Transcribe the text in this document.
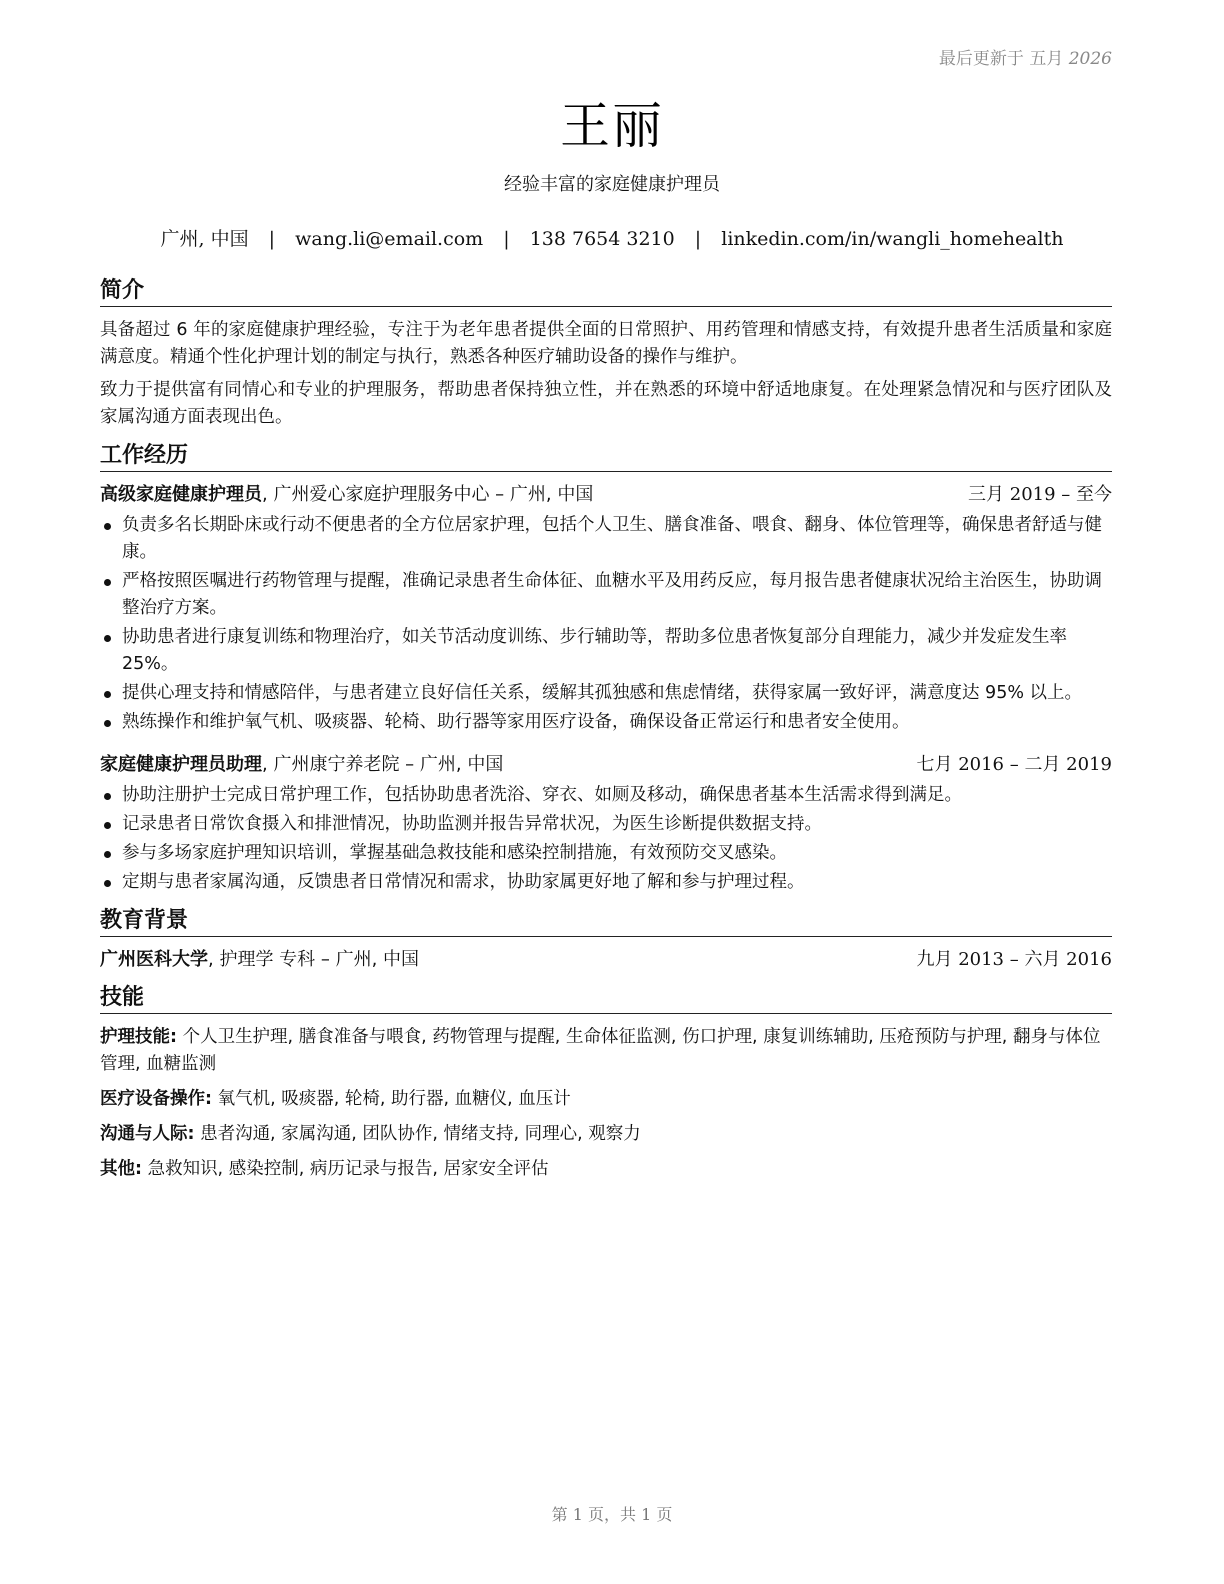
最后更新于 五月 2026
王丽
经验丰富的家庭健康护理员
广州, 中国 | wang.li@email.com | 138 7654 3210 | linkedin.com/in/wangli_homehealth
简介

具备超过 6 年的家庭健康护理经验，专注于为老年患者提供全面的日常照护、用药管理和情感支持，有效提升患者生活质量和家庭满意度。精通个性化护理计划的制定与执行，熟悉各种医疗辅助设备的操作与维护。

致力于提供富有同情心和专业的护理服务，帮助患者保持独立性，并在熟悉的环境中舒适地康复。在处理紧急情况和与医疗团队及家属沟通方面表现出色。

工作经历
高级家庭健康护理员, 广州爱心家庭护理服务中心 – 广州, 中国	三月 2019 – 至今
负责多名长期卧床或行动不便患者的全方位居家护理，包括个人卫生、膳食准备、喂食、翻身、体位管理等，确保患者舒适与健康。
严格按照医嘱进行药物管理与提醒，准确记录患者生命体征、血糖水平及用药反应，每月报告患者健康状况给主治医生，协助调整治疗方案。
协助患者进行康复训练和物理治疗，如关节活动度训练、步行辅助等，帮助多位患者恢复部分自理能力，减少并发症发生率 25%。
提供心理支持和情感陪伴，与患者建立良好信任关系，缓解其孤独感和焦虑情绪，获得家属一致好评，满意度达 95% 以上。
熟练操作和维护氧气机、吸痰器、轮椅、助行器等家用医疗设备，确保设备正常运行和患者安全使用。
家庭健康护理员助理, 广州康宁养老院 – 广州, 中国	七月 2016 – 二月 2019
协助注册护士完成日常护理工作，包括协助患者洗浴、穿衣、如厕及移动，确保患者基本生活需求得到满足。
记录患者日常饮食摄入和排泄情况，协助监测并报告异常状况，为医生诊断提供数据支持。
参与多场家庭护理知识培训，掌握基础急救技能和感染控制措施，有效预防交叉感染。
定期与患者家属沟通，反馈患者日常情况和需求，协助家属更好地了解和参与护理过程。
教育背景
广州医科大学, 护理学 专科 – 广州, 中国	九月 2013 – 六月 2016
技能
护理技能: 个人卫生护理, 膳食准备与喂食, 药物管理与提醒, 生命体征监测, 伤口护理, 康复训练辅助, 压疮预防与护理, 翻身与体位管理, 血糖监测
医疗设备操作: 氧气机, 吸痰器, 轮椅, 助行器, 血糖仪, 血压计
沟通与人际: 患者沟通, 家属沟通, 团队协作, 情绪支持, 同理心, 观察力
其他: 急救知识, 感染控制, 病历记录与报告, 居家安全评估
第 1 页，共 1 页
